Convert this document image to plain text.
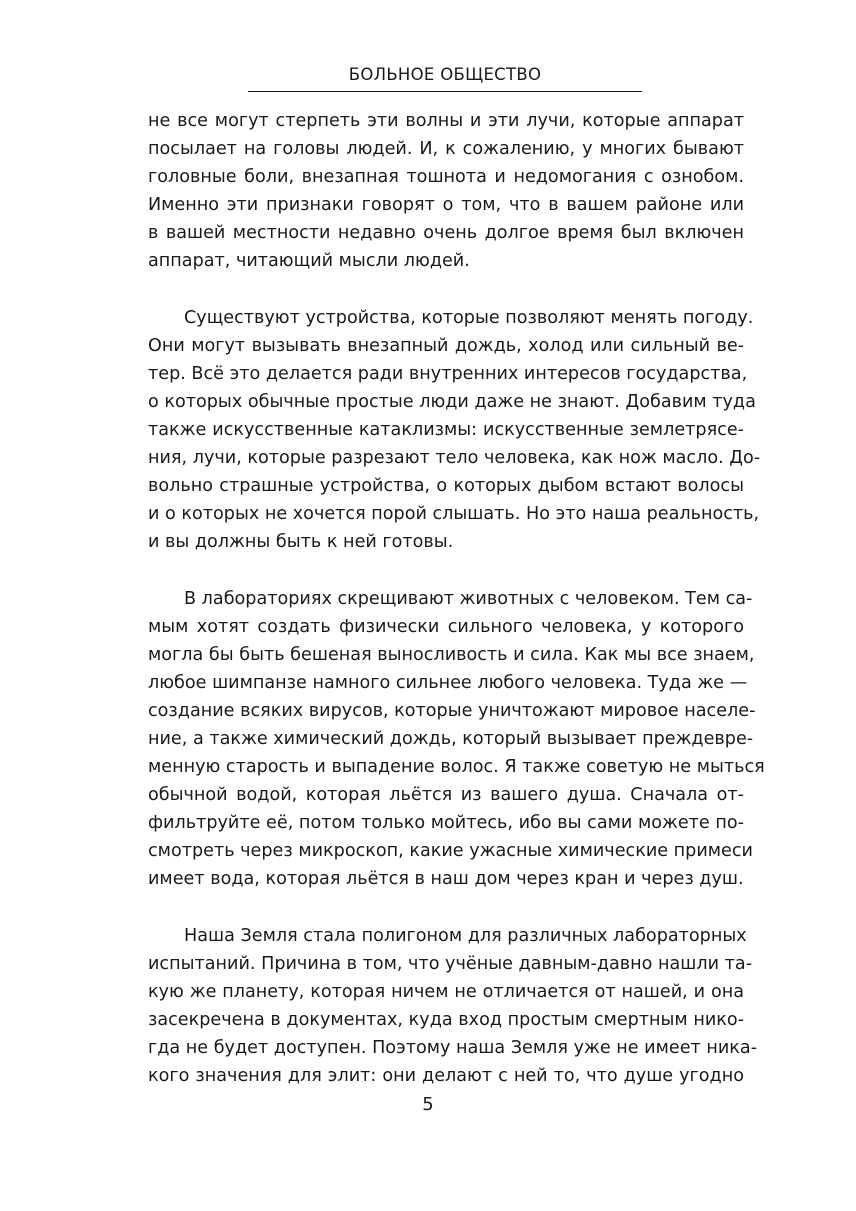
БОЛЬНОЕ ОБЩЕСТВО
не все могут стерпеть эти волны и эти лучи, которые аппарат
посылает на головы людей. И, к сожалению, у многих бывают
головные боли, внезапная тошнота и недомогания с ознобом.
Именно эти признаки говорят о том, что в вашем районе или
в вашей местности недавно очень долгое время был включен
аппарат, читающий мысли людей.
Существуют устройства, которые позволяют менять погоду.
Они могут вызывать внезапный дождь, холод или сильный ве-
тер. Всё это делается ради внутренних интересов государства,
о которых обычные простые люди даже не знают. Добавим туда
также искусственные катаклизмы: искусственные землетрясе-
ния, лучи, которые разрезают тело человека, как нож масло. До-
вольно страшные устройства, о которых дыбом встают волосы
и о которых не хочется порой слышать. Но это наша реальность,
и вы должны быть к ней готовы.
В лабораториях скрещивают животных с человеком. Тем са-
мым хотят создать физически сильного человека, у которого
могла бы быть бешеная выносливость и сила. Как мы все знаем,
любое шимпанзе намного сильнее любого человека. Туда же —
создание всяких вирусов, которые уничтожают мировое населе-
ние, а также химический дождь, который вызывает преждевре-
менную старость и выпадение волос. Я также советую не мыться
обычной водой, которая льётся из вашего душа. Сначала от-
фильтруйте её, потом только мойтесь, ибо вы сами можете по-
смотреть через микроскоп, какие ужасные химические примеси
имеет вода, которая льётся в наш дом через кран и через душ.
Наша Земля стала полигоном для различных лабораторных
испытаний. Причина в том, что учёные давным-давно нашли та-
кую же планету, которая ничем не отличается от нашей, и она
засекречена в документах, куда вход простым смертным нико-
гда не будет доступен. Поэтому наша Земля уже не имеет ника-
кого значения для элит: они делают с ней то, что душе угодно
5
